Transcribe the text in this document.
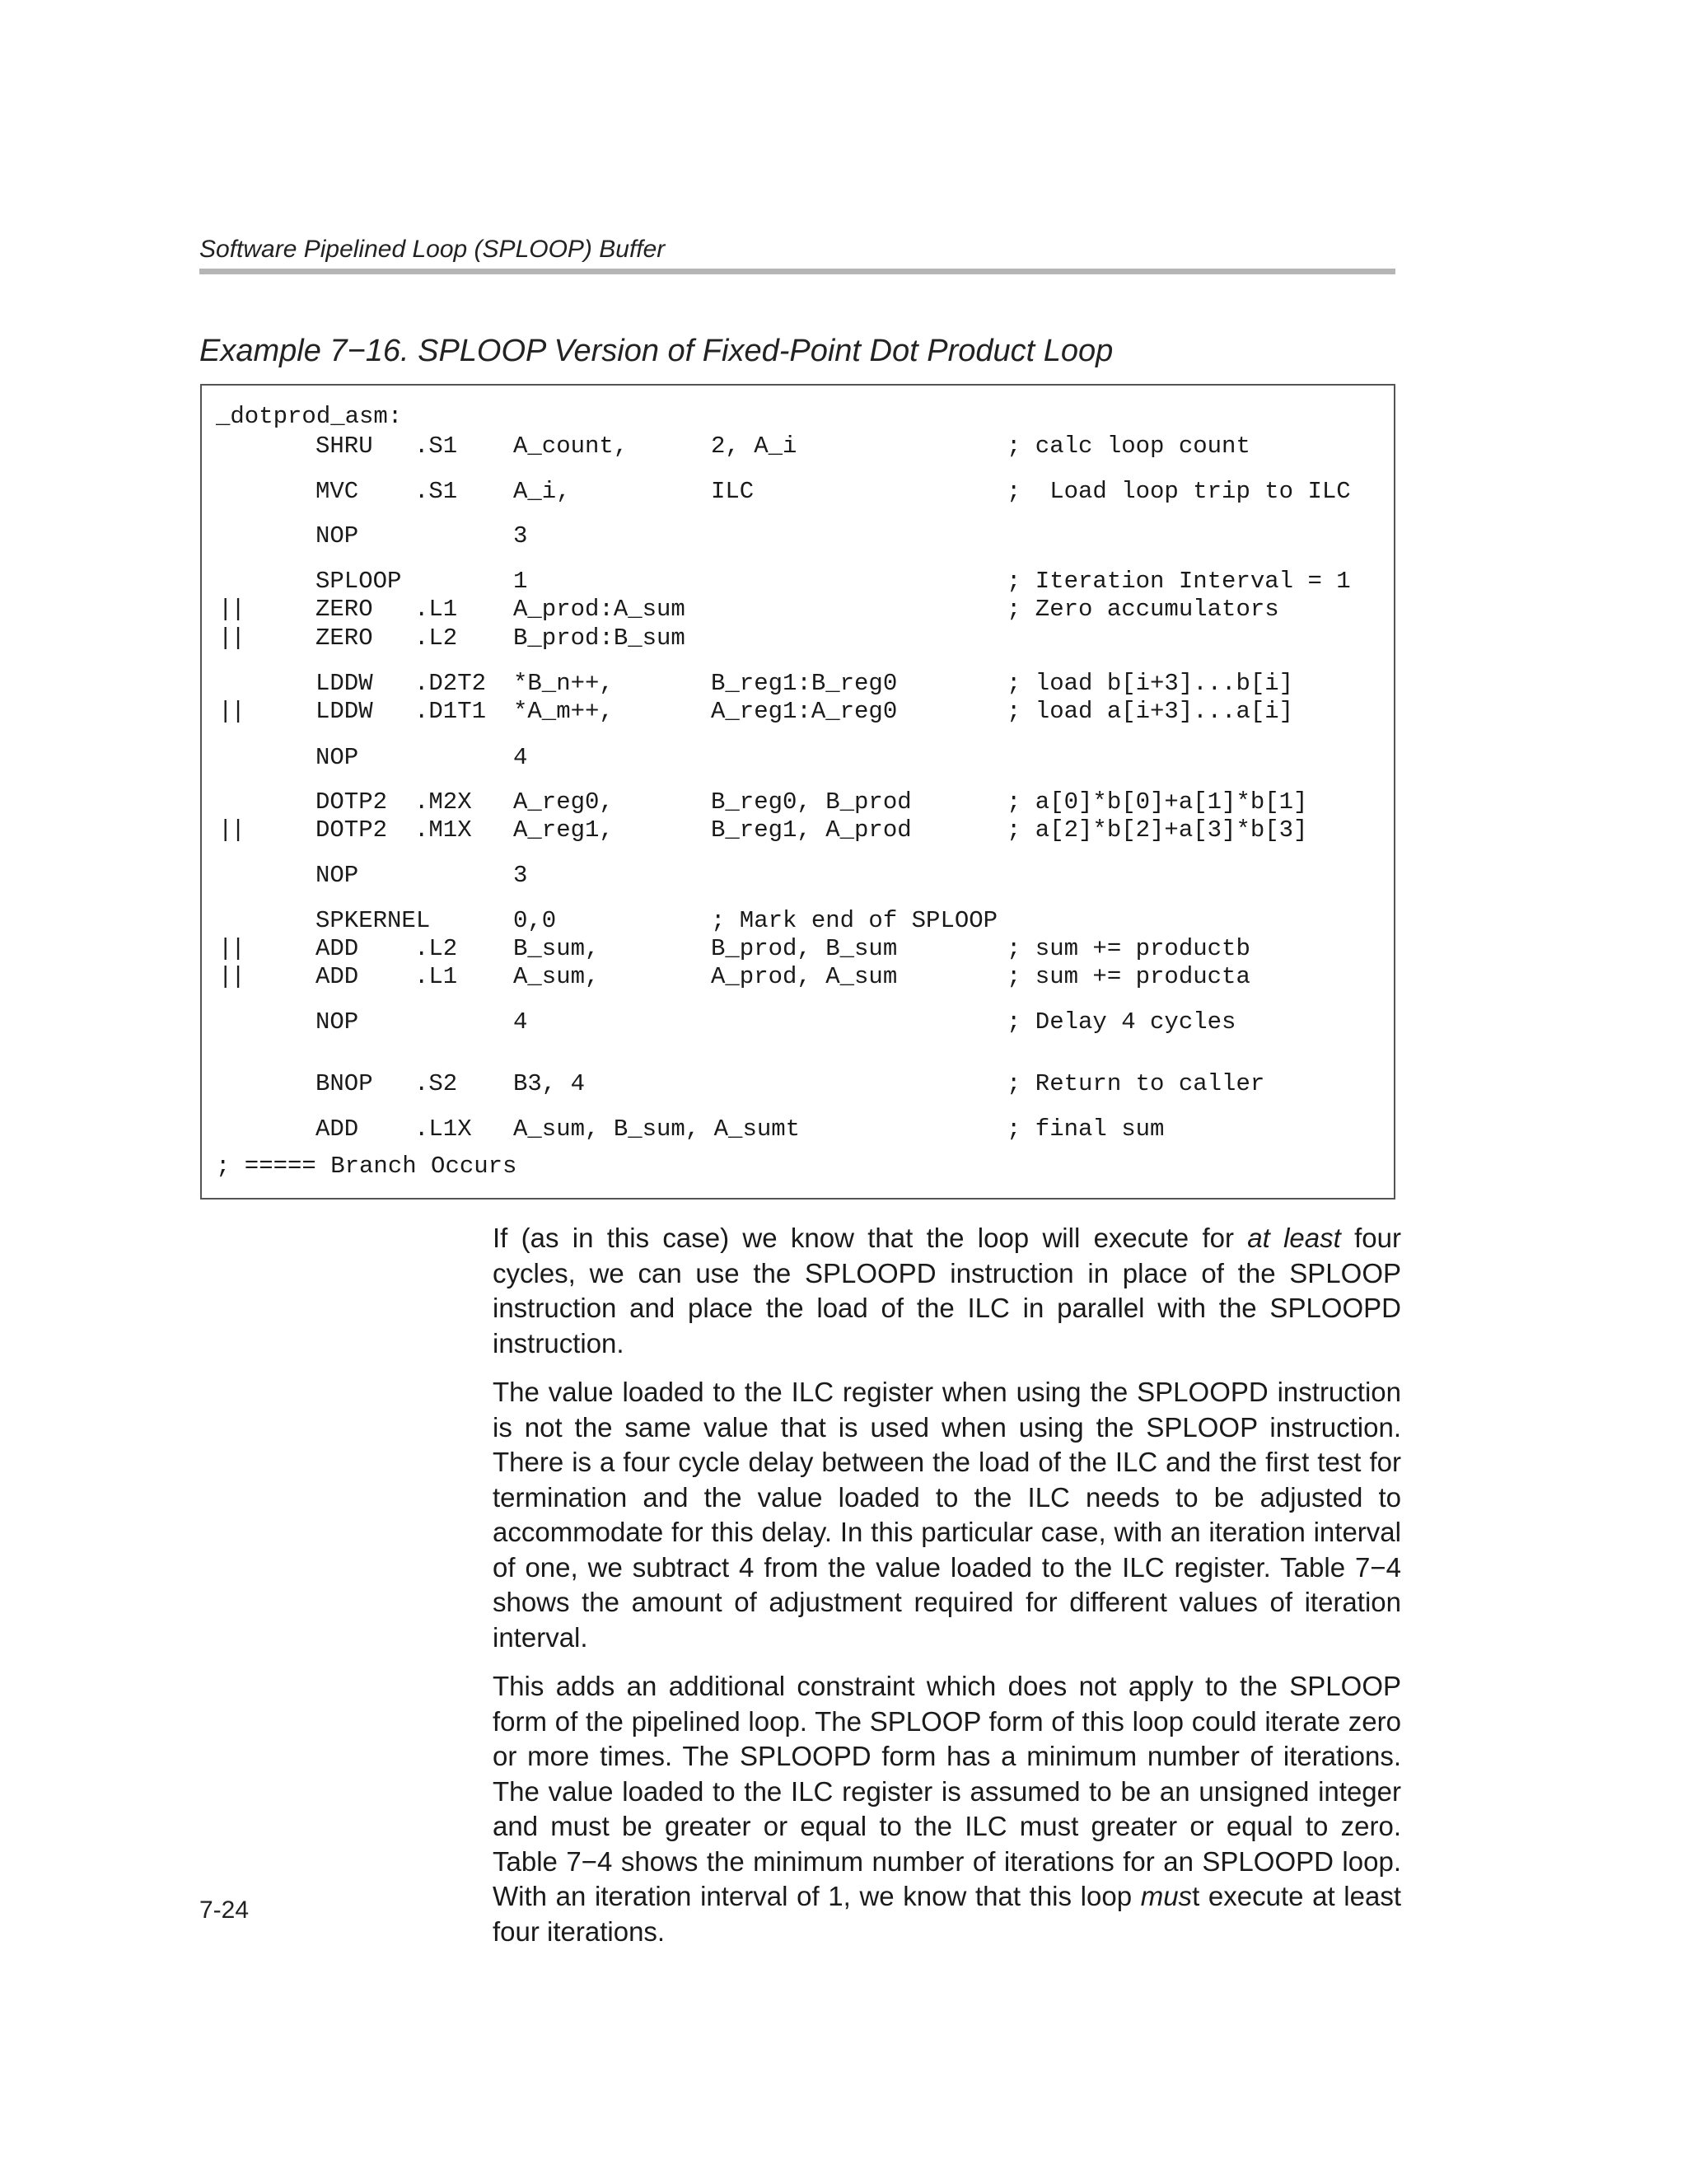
Software Pipelined Loop (SPLOOP) Buffer
Example 7−16. SPLOOP Version of Fixed-Point Dot Product Loop
_dotprod_asm:
; ===== Branch Occurs
SHRU .S1 A_count,	2, A_i	; calc loop count
MVC .S1 A_i,	ILC	;  Load loop trip to ILC
NOP	3
SPLOOP	1	; Iteration Interval = 1
||	ZERO .L1 A_prod:A_sum	; Zero accumulators
||	ZERO .L2 B_prod:B_sum
LDDW .D2T2 *B_n++,	B_reg1:B_reg0	; load b[i+3]...b[i]
||	LDDW .D1T1 *A_m++,	A_reg1:A_reg0	; load a[i+3]...a[i]
NOP	4
DOTP2 .M2X A_reg0,	B_reg0, B_prod	; a[0]*b[0]+a[1]*b[1]
||	DOTP2 .M1X A_reg1,	B_reg1, A_prod	; a[2]*b[2]+a[3]*b[3]
NOP	3
SPKERNEL	0,0	; Mark end of SPLOOP
||	ADD .L2 B_sum,	B_prod, B_sum	; sum += productb
||	ADD .L1 A_sum,	A_prod, A_sum	; sum += producta
NOP	4	; Delay 4 cycles
BNOP .S2 B3, 4	; Return to caller
ADD .L1X A_sum, B_sum, A_sumt	; final sum

If (as in this case) we know that the loop will execute for at least four cycles, we can use the SPLOOPD instruction in place of the SPLOOP instruction and place the load of the ILC in parallel with the SPLOOPD instruction.

The value loaded to the ILC register when using the SPLOOPD instruction is not the same value that is used when using the SPLOOP instruction. There is a four cycle delay between the load of the ILC and the first test for termination and the value loaded to the ILC needs to be adjusted to accommodate for this delay. In this particular case, with an iteration interval of one, we subtract 4 from the value loaded to the ILC register. Table 7−4 shows the amount of adjustment required for different values of iteration interval.

This adds an additional constraint which does not apply to the SPLOOP form of the pipelined loop. The SPLOOP form of this loop could iterate zero or more times. The SPLOOPD form has a minimum number of iterations. The value loaded to the ILC register is assumed to be an unsigned integer and must be greater or equal to the ILC must greater or equal to zero. Table 7−4 shows the minimum number of iterations for an SPLOOPD loop. With an iteration interval of 1, we know that this loop must execute at least four iterations.

7-24
